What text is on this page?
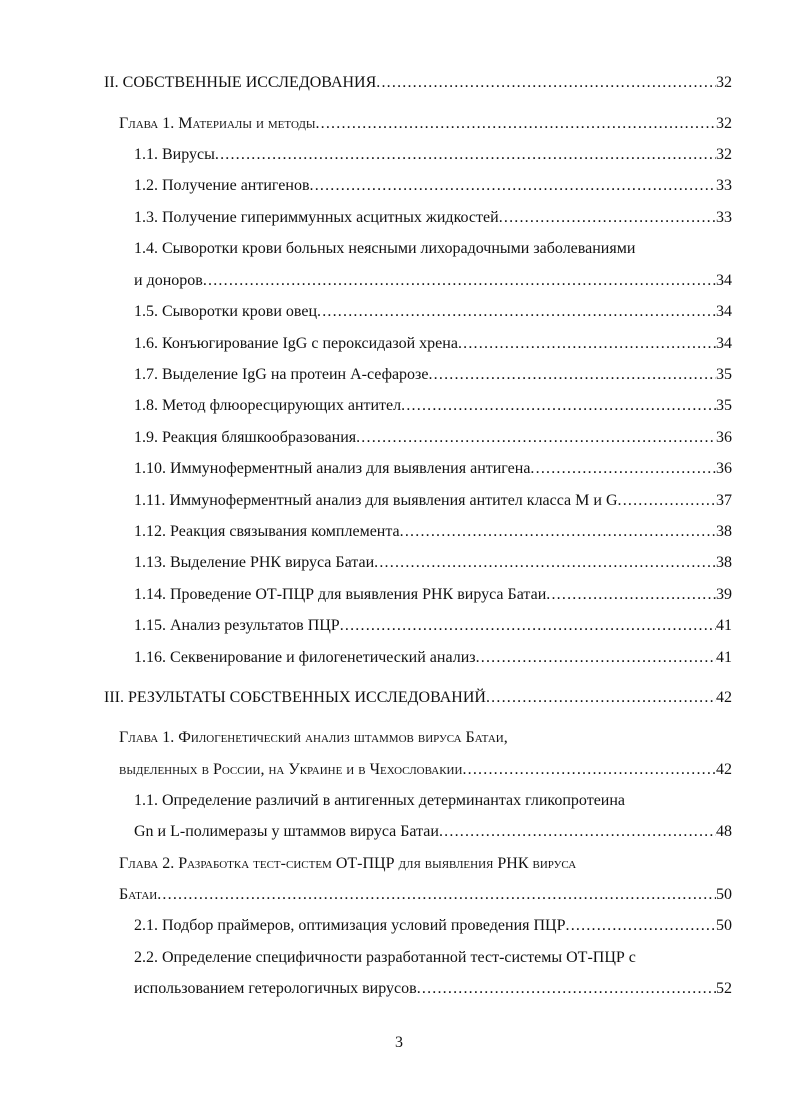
II. СОБСТВЕННЫЕ ИССЛЕДОВАНИЯ .....	32
Глава 1. Материалы и методы .....	32
1.1. Вирусы .....	32
1.2. Получение антигенов .....	33
1.3. Получение гипериммунных асцитных жидкостей .....	33
1.4. Сыворотки крови больных неясными лихорадочными заболеваниями
и доноров .....	34
1.5. Сыворотки крови овец .....	34
1.6. Конъюгирование IgG с пероксидазой хрена .....	34
1.7. Выделение IgG на протеин А-сефарозе .....	35
1.8. Метод флюоресцирующих антител .....	35
1.9. Реакция бляшкообразования .....	36
1.10. Иммуноферментный анализ для выявления антигена .....	36
1.11. Иммуноферментный анализ для выявления антител класса М и G .....	37
1.12. Реакция связывания комплемента .....	38
1.13. Выделение РНК вируса Батаи .....	38
1.14. Проведение ОТ-ПЦР для выявления РНК вируса Батаи .....	39
1.15. Анализ результатов ПЦР .....	41
1.16. Секвенирование и филогенетический анализ .....	41
III. РЕЗУЛЬТАТЫ СОБСТВЕННЫХ ИССЛЕДОВАНИЙ .....	42
Глава 1. Филогенетический анализ штаммов вируса Батаи,
выделенных в России, на Украине и в Чехословакии .....	42
1.1. Определение различий в антигенных детерминантах гликопротеина
Gn и L-полимеразы у штаммов вируса Батаи .....	48
Глава 2. Разработка тест-систем ОТ-ПЦР для выявления РНК вируса
Батаи .....	50
2.1. Подбор праймеров, оптимизация условий проведения ПЦР .....	50
2.2. Определение специфичности разработанной тест-системы ОТ-ПЦР с
использованием гетерологичных вирусов .....	52
3
